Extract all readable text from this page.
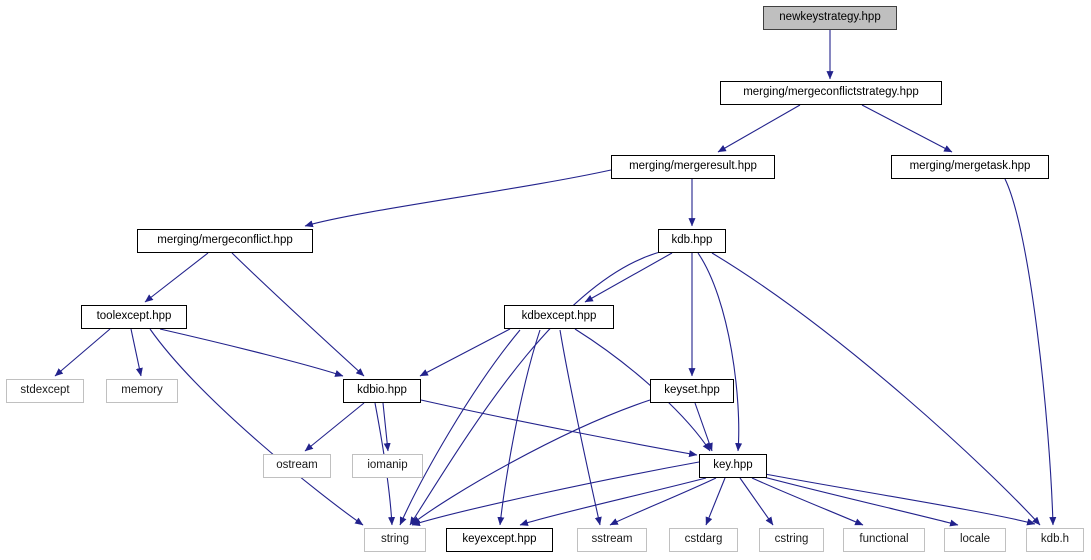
newkeystrategy.hpp
merging/mergeconflictstrategy.hpp
merging/mergeresult.hpp	merging/mergetask.hpp
merging/mergeconflict.hpp	kdb.hpp
toolexcept.hpp	kdbexcept.hpp
stdexcept	memory	kdbio.hpp	keyset.hpp
ostream	iomanip	key.hpp
string	keyexcept.hpp	sstream	cstdarg	cstring	functional	locale	kdb.h
